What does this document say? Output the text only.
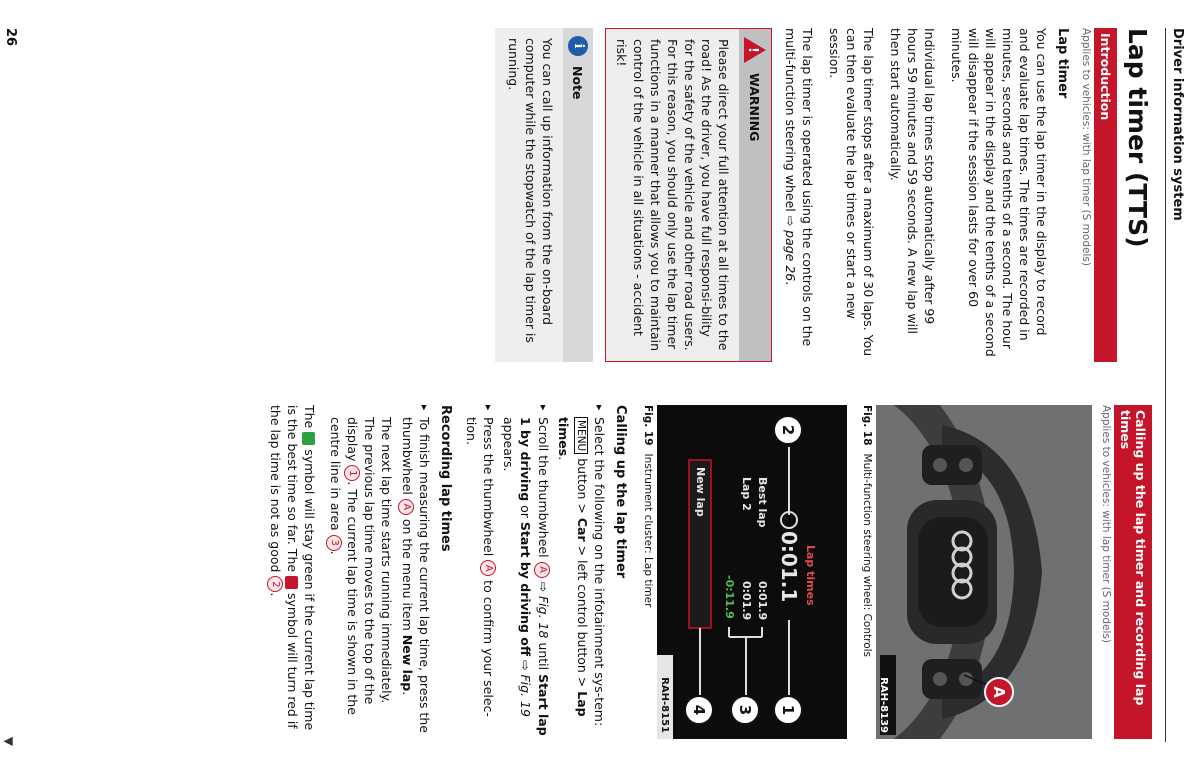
Driver information system
Lap timer (TTS)
Introduction
Applies to vehicles: with lap timer (S models)
Lap timer

You can use the lap timer in the display to record and evaluate lap times. The times are recorded in minutes, seconds and tenths of a second. The hour will appear in the display and the tenths of a second will disappear if the session lasts for over 60 minutes.

Individual lap times stop automatically after 99 hours 59 minutes and 59 seconds. A new lap will then start automatically.

The lap timer stops after a maximum of 30 laps. You can then evaluate the lap times or start a new session.

The lap timer is operated using the controls on the multi-function steering wheel ⇨ page 26.

!
WARNING
Please direct your full attention at all times to the road! As the driver, you have full responsi-bility for the safety of the vehicle and other road users. For this reason, you should only use the lap timer functions in a manner that allows you to maintain control of the vehicle in all situations - accident risk!
i
Note
You can call up information from the on-board computer while the stopwatch of the lap timer is running.
Calling up the lap timer and recording lap times
Applies to vehicles: with lap timer (S models)
A
RAH-8139
Fig. 18Multi-function steering wheel: Controls
Lap times
0:01.1
Best lap
0:01.9
Lap 2
0:01.9
-0:11.9
New lap
2
1
3
4
RAH-8151
Fig. 19Instrument cluster: Lap timer
Calling up the lap timer
▸ Select the following on the infotainment sys-tem: MENU button > Car > left control button > Lap times.
▸ Scroll the thumbwheel A ⇨ Fig. 18 until Start lap 1 by driving or Start by driving off ⇨ Fig. 19 appears.
▸ Press the thumbwheel A to confirm your selec-tion.
Recording lap times
▸ To finish measuring the current lap time, press the thumbwheel A on the menu item New lap.
The next lap time starts running immediately.
The previous lap time moves to the top of the display 1. The current lap time is shown in the centre line in area 3.

The  symbol will stay green if the current lap time is the best time so far. The  symbol will turn red if the lap time is not as good 2.

26
▼
